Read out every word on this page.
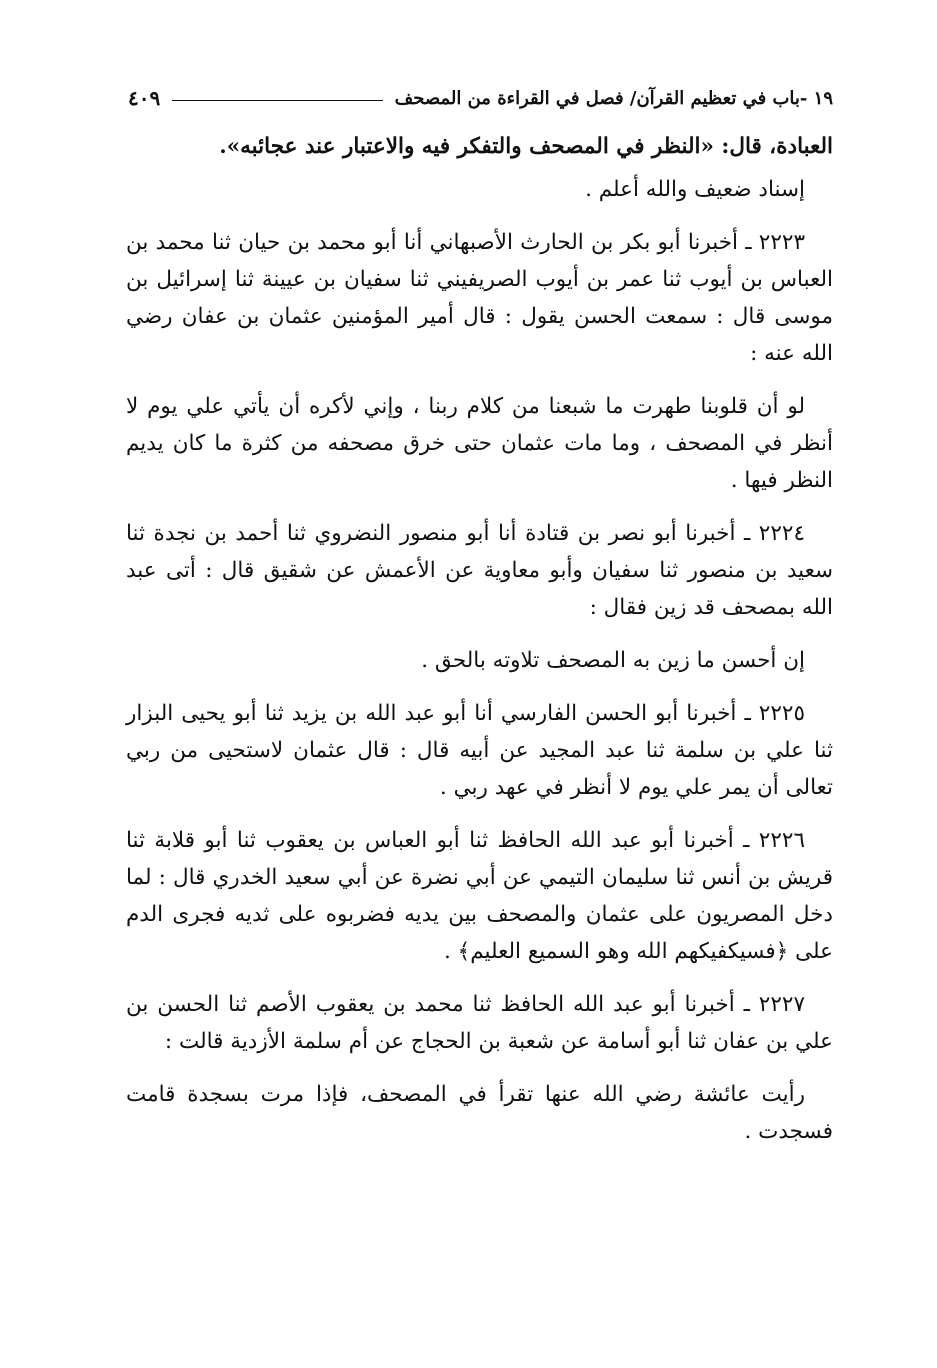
١٩ -باب في تعظيم القرآن/ فصل في القراءة من المصحف
٤٠٩

العبادة، قال: «النظر في المصحف والتفكر فيه والاعتبار عند عجائبه».

إسناد ضعيف والله أعلم .

٢٢٢٣ ـ أخبرنا أبو بكر بن الحارث الأصبهاني أنا أبو محمد بن حيان ثنا محمد بن العباس بن أيوب ثنا عمر بن أيوب الصريفيني ثنا سفيان بن عيينة ثنا إسرائيل بن موسى قال : سمعت الحسن يقول : قال أمير المؤمنين عثمان بن عفان رضي الله عنه :

لو أن قلوبنا طهرت ما شبعنا من كلام ربنا ، وإني لأكره أن يأتي علي يوم لا أنظر في المصحف ، وما مات عثمان حتى خرق مصحفه من كثرة ما كان يديم النظر فيها .

٢٢٢٤ ـ أخبرنا أبو نصر بن قتادة أنا أبو منصور النضروي ثنا أحمد بن نجدة ثنا سعيد بن منصور ثنا سفيان وأبو معاوية عن الأعمش عن شقيق قال : أتى عبد الله بمصحف قد زين فقال :

إن أحسن ما زين به المصحف تلاوته بالحق .

٢٢٢٥ ـ أخبرنا أبو الحسن الفارسي أنا أبو عبد الله بن يزيد ثنا أبو يحيى البزار ثنا علي بن سلمة ثنا عبد المجيد عن أبيه قال : قال عثمان لاستحيى من ربي تعالى أن يمر علي يوم لا أنظر في عهد ربي .

٢٢٢٦ ـ أخبرنا أبو عبد الله الحافظ ثنا أبو العباس بن يعقوب ثنا أبو قلابة ثنا قريش بن أنس ثنا سليمان التيمي عن أبي نضرة عن أبي سعيد الخدري قال : لما دخل المصريون على عثمان والمصحف بين يديه فضربوه على ثديه فجرى الدم على ﴿فسيكفيكهم الله وهو السميع العليم﴾ .

٢٢٢٧ ـ أخبرنا أبو عبد الله الحافظ ثنا محمد بن يعقوب الأصم ثنا الحسن بن علي بن عفان ثنا أبو أسامة عن شعبة بن الحجاج عن أم سلمة الأزدية قالت :

رأيت عائشة رضي الله عنها تقرأ في المصحف، فإذا مرت بسجدة قامت فسجدت .
